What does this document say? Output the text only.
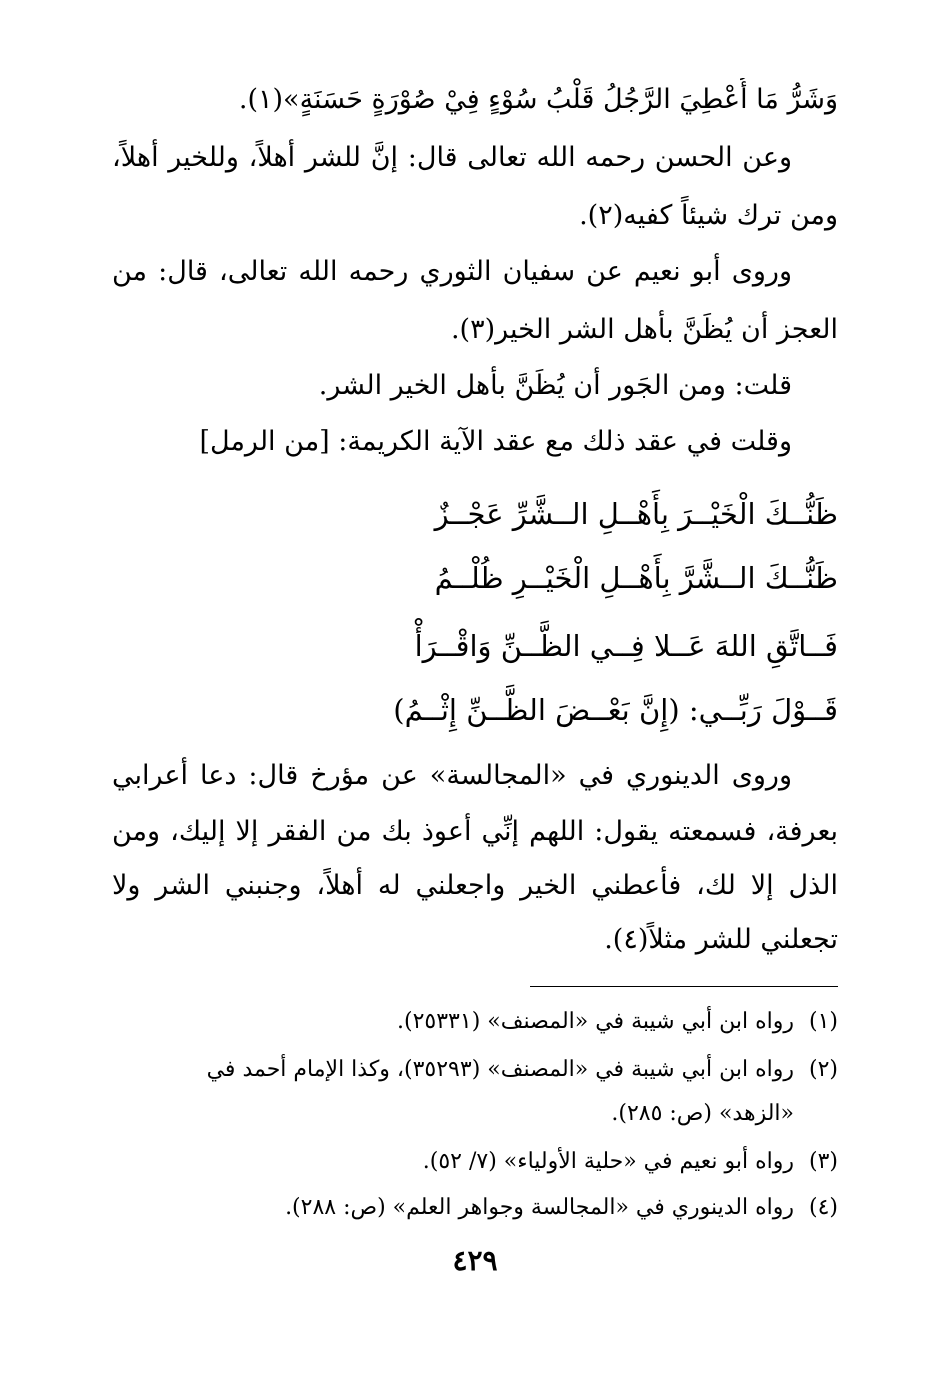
وَشَرُّ مَا أُعْطِيَ الرَّجُلُ قَلْبُ سُوْءٍ فِيْ صُوْرَةٍ حَسَنَةٍ»(١).
وعن الحسن رحمه الله تعالى قال: إنَّ للشر أهلاً، وللخير أهلاً،
ومن ترك شيئاً كفيه(٢).
وروى أبو نعيم عن سفيان الثوري رحمه الله تعالى، قال: من
العجز أن يُظَنَّ بأهل الشر الخير(٣).
قلت: ومن الجَور أن يُظَنَّ بأهل الخير الشر.
وقلت في عقد ذلك مع عقد الآية الكريمة: [من الرمل]
ظَنُّــكَ الْخَيْــرَ بِأَهْــلِ الــشَّرِّ عَجْــزٌ
ظَنُّــكَ الــشَّرَّ بِأَهْــلِ الْخَيْــرِ ظُلْــمُ
فَــاتَّقِ اللهَ عَــلا فِــي الظَّــنِّ وَاقْــرَأْ
قَــوْلَ رَبِّــي: (إِنَّ بَعْــضَ الظَّــنِّ إِثْــمُ)
وروى الدينوري في «المجالسة» عن مؤرخ قال: دعا أعرابي
بعرفة، فسمعته يقول: اللهم إنِّي أعوذ بك من الفقر إلا إليك، ومن
الذل إلا لك، فأعطني الخير واجعلني له أهلاً، وجنبني الشر ولا
تجعلني للشر مثلاً(٤).
(١)رواه ابن أبي شيبة في «المصنف» (٢٥٣٣١).
(٢)رواه ابن أبي شيبة في «المصنف» (٣٥٢٩٣)، وكذا الإمام أحمد في
«الزهد» (ص: ٢٨٥).
(٣)رواه أبو نعيم في «حلية الأولياء» (٧/ ٥٢).
(٤)رواه الدينوري في «المجالسة وجواهر العلم» (ص: ٢٨٨).
٤٢٩
